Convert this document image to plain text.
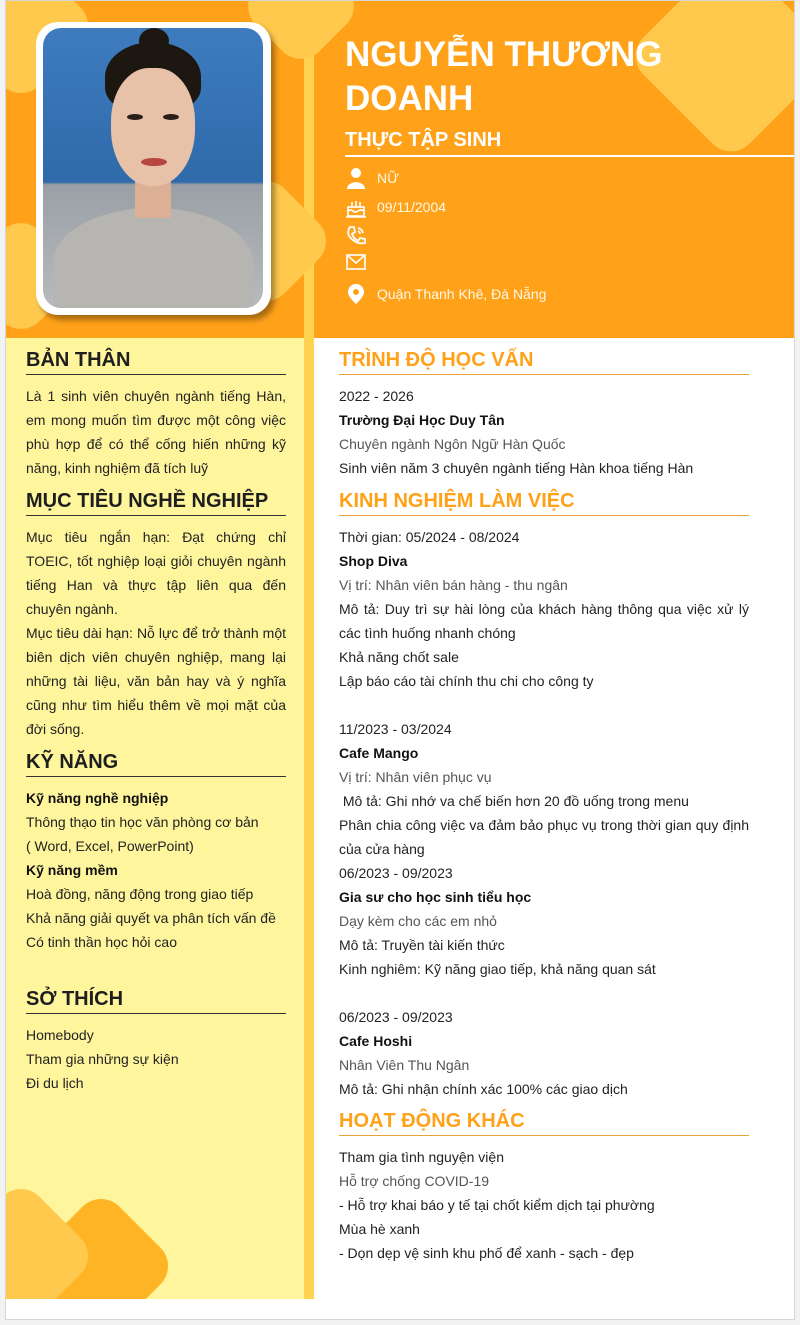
NGUYỄN THƯƠNG DOANH
THỰC TẬP SINH
NỮ
09/11/2004
Quận Thanh Khê, Đà Nẵng
BẢN THÂN
Là 1 sinh viên chuyên ngành tiếng Hàn, em mong muốn tìm được một công việc phù hợp để có thể cống hiến những kỹ năng, kinh nghiệm đã tích luỹ
MỤC TIÊU NGHỀ NGHIỆP
Mục tiêu ngắn hạn: Đạt chứng chỉ TOEIC, tốt nghiệp loại giỏi chuyên ngành tiếng Han và thực tập liên qua đến chuyên ngành.
Mục tiêu dài hạn: Nỗ lực để trở thành một biên dịch viên chuyên nghiệp, mang lại những tài liệu, văn bản hay và ý nghĩa cũng như tìm hiểu thêm về mọi mặt của đời sống.
KỸ NĂNG
Kỹ năng nghề nghiệp
Thông thạo tin học văn phòng cơ bản
( Word, Excel, PowerPoint)
Kỹ năng mềm
Hoà đồng, năng động trong giao tiếp
Khả năng giải quyết va phân tích vấn đề
Có tinh thần học hỏi cao
SỞ THÍCH
Homebody
Tham gia những sự kiện
Đi du lịch
TRÌNH ĐỘ HỌC VẤN
2022 - 2026
Trường Đại Học Duy Tân
Chuyên ngành Ngôn Ngữ Hàn Quốc
Sinh viên năm 3 chuyên ngành tiếng Hàn khoa tiếng Hàn
KINH NGHIỆM LÀM VIỆC
Thời gian: 05/2024 - 08/2024
Shop Diva
Vị trí: Nhân viên bán hàng - thu ngân
Mô tả: Duy trì sự hài lòng của khách hàng thông qua việc xử lý các tình huống nhanh chóng
Khả năng chốt sale
Lập báo cáo tài chính thu chi cho công ty
11/2023 - 03/2024
Cafe Mango
Vị trí: Nhân viên phục vụ
Mô tả: Ghi nhớ va chế biến hơn 20 đồ uống trong menu
Phân chia công việc va đảm bảo phục vụ trong thời gian quy định của cửa hàng
06/2023 - 09/2023
Gia sư cho học sinh tiểu học
Dạy kèm cho các em nhỏ
Mô tả: Truyền tài kiến thức
Kinh nghiêm: Kỹ năng giao tiếp, khả năng quan sát
06/2023 - 09/2023
Cafe Hoshi
Nhân Viên Thu Ngân
Mô tả: Ghi nhận chính xác 100% các giao dịch
HOẠT ĐỘNG KHÁC
Tham gia tình nguyện viện
Hỗ trợ chống COVID-19
- Hỗ trợ khai báo y tế tại chốt kiểm dịch tại phường
Mùa hè xanh
- Dọn dẹp vệ sinh khu phố để xanh - sạch - đẹp
